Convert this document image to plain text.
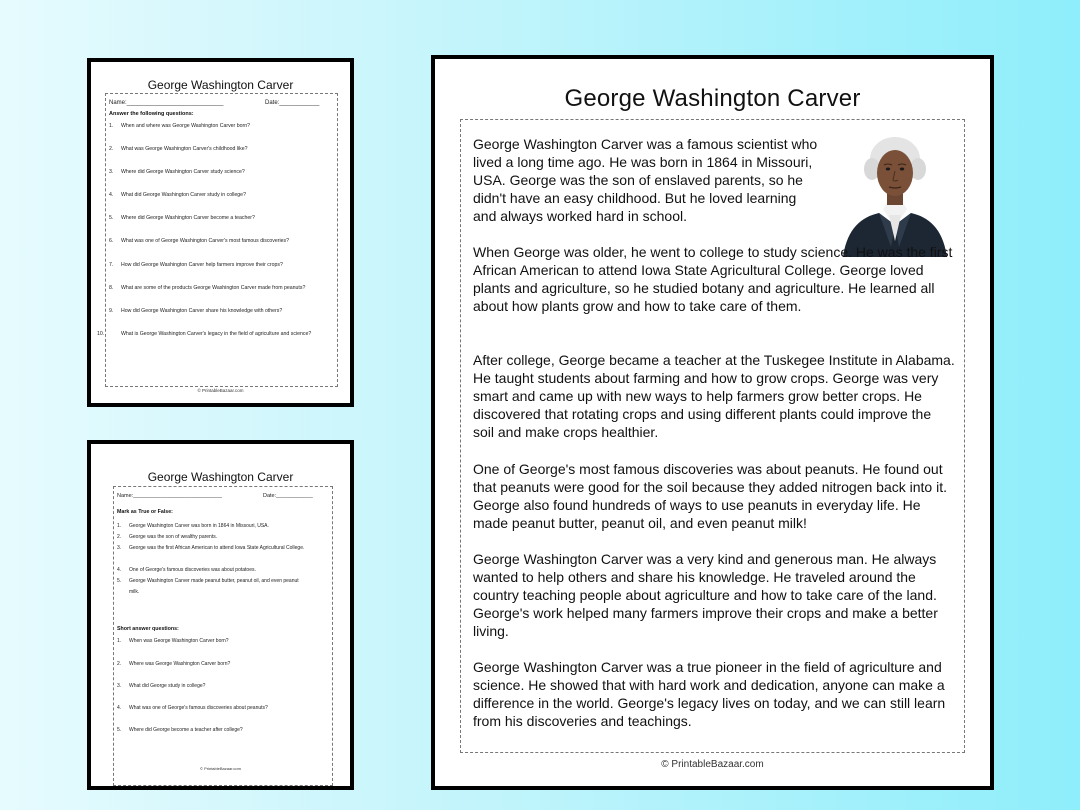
George Washington Carver
Name:_____________________________	Date:____________
Answer the following questions:
1. When and where was George Washington Carver born?
2. What was George Washington Carver's childhood like?
3. Where did George Washington Carver study science?
4. What did George Washington Carver study in college?
5. Where did George Washington Carver become a teacher?
6. What was one of George Washington Carver's most famous discoveries?
7. How did George Washington Carver help farmers improve their crops?
8. What are some of the products George Washington Carver made from peanuts?
9. How did George Washington Carver share his knowledge with others?
10.	What is George Washington Carver's legacy in the field of agriculture and science?
© PrintableBazaar.com
George Washington Carver
Name:_____________________________	Date:____________
Mark as True or False:
1.	George Washington Carver was born in 1864 in Missouri, USA.
2.	George was the son of wealthy parents.
3.	George was the first African American to attend Iowa State Agricultural College.
4.	One of George's famous discoveries was about potatoes.
5.	George Washington Carver made peanut butter, peanut oil, and even peanut milk.
Short answer questions:
1.	When was George Washington Carver born?
2.	Where was George Washington Carver born?
3.	What did George study in college?
4.	What was one of George's famous discoveries about peanuts?
5.	Where did George become a teacher after college?
© PrintableBazaar.com
George Washington Carver
George Washington Carver was a famous scientist who lived a long time ago. He was born in 1864 in Missouri, USA. George was the son of enslaved parents, so he didn't have an easy childhood. But he loved learning and always worked hard in school.
When George was older, he went to college to study science. He was the first African American to attend Iowa State Agricultural College. George loved plants and agriculture, so he studied botany and agriculture. He learned all about how plants grow and how to take care of them.
After college, George became a teacher at the Tuskegee Institute in Alabama. He taught students about farming and how to grow crops. George was very smart and came up with new ways to help farmers grow better crops. He discovered that rotating crops and using different plants could improve the soil and make crops healthier.
One of George's most famous discoveries was about peanuts. He found out that peanuts were good for the soil because they added nitrogen back into it. George also found hundreds of ways to use peanuts in everyday life. He made peanut butter, peanut oil, and even peanut milk!
George Washington Carver was a very kind and generous man. He always wanted to help others and share his knowledge. He traveled around the country teaching people about agriculture and how to take care of the land. George's work helped many farmers improve their crops and make a better living.
George Washington Carver was a true pioneer in the field of agriculture and science. He showed that with hard work and dedication, anyone can make a difference in the world. George's legacy lives on today, and we can still learn from his discoveries and teachings.
© PrintableBazaar.com
